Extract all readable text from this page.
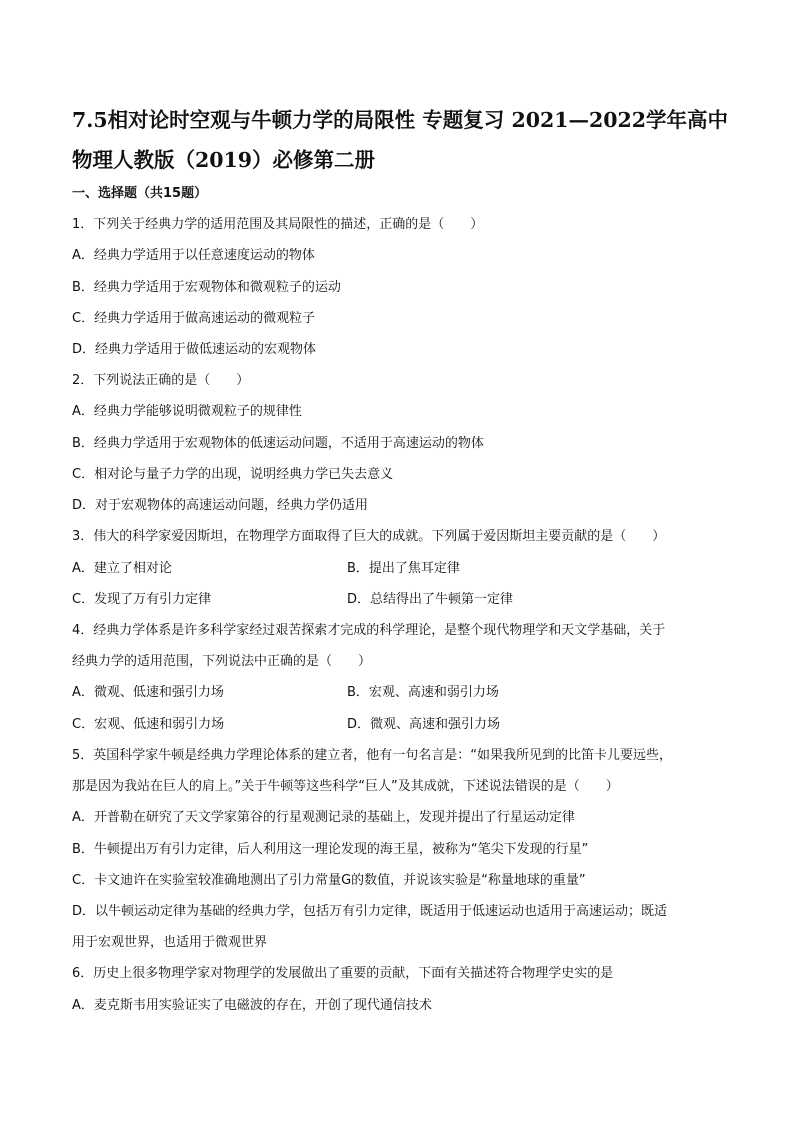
7.5相对论时空观与牛顿力学的局限性 专题复习 2021—2022学年高中物理人教版（2019）必修第二册
一、选择题（共15题）
1．下列关于经典力学的适用范围及其局限性的描述，正确的是（　　）
A．经典力学适用于以任意速度运动的物体
B．经典力学适用于宏观物体和微观粒子的运动
C．经典力学适用于做高速运动的微观粒子
D．经典力学适用于做低速运动的宏观物体
2．下列说法正确的是（　　）
A．经典力学能够说明微观粒子的规律性
B．经典力学适用于宏观物体的低速运动问题，不适用于高速运动的物体
C．相对论与量子力学的出现，说明经典力学已失去意义
D．对于宏观物体的高速运动问题，经典力学仍适用
3．伟大的科学家爱因斯坦，在物理学方面取得了巨大的成就。下列属于爱因斯坦主要贡献的是（　　）
A．建立了相对论	B．提出了焦耳定律
C．发现了万有引力定律	D．总结得出了牛顿第一定律
4．经典力学体系是许多科学家经过艰苦探索才完成的科学理论，是整个现代物理学和天文学基础，关于
经典力学的适用范围，下列说法中正确的是（　　）
A．微观、低速和强引力场	B．宏观、高速和弱引力场
C．宏观、低速和弱引力场	D．微观、高速和强引力场
5．英国科学家牛顿是经典力学理论体系的建立者，他有一句名言是：“如果我所见到的比笛卡儿要远些，
那是因为我站在巨人的肩上。”关于牛顿等这些科学“巨人”及其成就，下述说法错误的是（　　）
A．开普勒在研究了天文学家第谷的行星观测记录的基础上，发现并提出了行星运动定律
B．牛顿提出万有引力定律，后人利用这一理论发现的海王星，被称为“笔尖下发现的行星”
C．卡文迪许在实验室较准确地测出了引力常量G的数值，并说该实验是“称量地球的重量”
D．以牛顿运动定律为基础的经典力学，包括万有引力定律，既适用于低速运动也适用于高速运动；既适
用于宏观世界，也适用于微观世界
6．历史上很多物理学家对物理学的发展做出了重要的贡献，下面有关描述符合物理学史实的是
A．麦克斯韦用实验证实了电磁波的存在，开创了现代通信技术
